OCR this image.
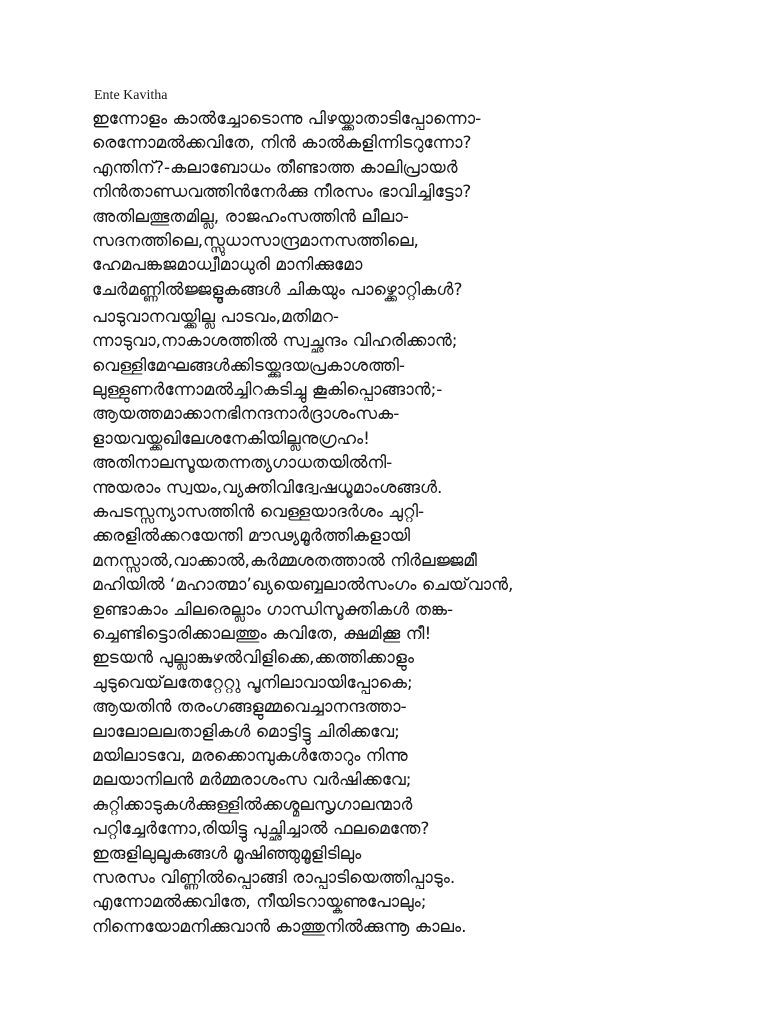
Ente Kavitha
ഇന്നോളം കാൽച്ചോടൊന്നു പിഴയ്ക്കാതാടിപ്പോന്നൊ-
രെന്നോമൽക്കവിതേ, നിൻ കാൽകളിന്നിടറുന്നോ?
എന്തിന്?-കലാബോധം തീണ്ടാത്ത കാലിപ്രായർ
നിൻതാണ്ഡവത്തിൻനേർക്കു നീരസം ഭാവിച്ചിട്ടോ?
അതിലത്ഭുതമില്ല, രാജഹംസത്തിൻ ലീലാ-
സദനത്തിലെ,സ്സുധാസാന്ദ്രമാനസത്തിലെ,
ഹേമപങ്കജമാധ്വീമാധുരി മാനിക്കുമോ
ചേർമണ്ണിൽജ്ജളൂകങ്ങൾ ചികയും പാഴ്ക്കൊറ്റികൾ?
പാടുവാനവയ്ക്കില്ല പാടവം,മതിമറ-
ന്നാടുവാ,നാകാശത്തിൽ സ്വച്ഛന്ദം വിഹരിക്കാൻ;
വെള്ളിമേഘങ്ങൾക്കിടയ്ക്കുദയപ്രകാശത്തി-
ലുള്ളുണർന്നോമൽച്ചിറകടിച്ചു കൂകിപ്പൊങ്ങാൻ;-
ആയത്തമാക്കാനഭിനന്ദനാർദ്രാശംസക-
ളായവയ്ക്കഖിലേശനേകിയില്ലനുഗ്രഹം!
അതിനാലസൂയതന്നത്യഗാധതയിൽനി-
ന്നുയരാം സ്വയം,വ്യക്തിവിദ്വേഷധൂമാംശങ്ങൾ.
കപടസ്സന്യാസത്തിൻ വെള്ളയാദർശം ചുറ്റി-
ക്കരളിൽക്കറയേന്തി മൗഢ്യമൂർത്തികളായി
മനസ്സാൽ,വാക്കാൽ,കർമ്മശതത്താൽ നിർലജ്ജമീ
മഹിയിൽ ‘മഹാത്മാ’ഖ്യയെബ്ബലാൽസംഗം ചെയ്‌വാൻ,
ഉണ്ടാകാം ചിലരെല്ലാം ഗാന്ധിസൂക്തികൾ തങ്ക-
ച്ചെണ്ടിട്ടൊരിക്കാലത്തും കവിതേ, ക്ഷമിക്കൂ നീ!
ഇടയൻ പുല്ലാങ്കുഴൽവിളിക്കെ,ക്കത്തിക്കാളും
ചുടുവെയ്‌ലതേറ്റേറ്റു പൂനിലാവായിപ്പോകെ;
ആയതിൻ തരംഗങ്ങളുമ്മവെച്ചാനന്ദത്താ-
ലാലോലലതാളികൾ മൊട്ടിട്ടു ചിരിക്കവേ;
മയിലാടവേ, മരക്കൊമ്പുകൾതോറും നിന്നു
മലയാനിലൻ മർമ്മരാശംസ വർഷിക്കവേ;
കുറ്റിക്കാടുകൾക്കുള്ളിൽക്കശ്മലസൃഗാലന്മാർ
പറ്റിച്ചേർന്നോ,രിയിട്ടു പുച്ഛിച്ചാൽ ഫലമെന്തേ?
ഇരുളിലുലൂകങ്ങൾ മൂഷിഞ്ഞുമൂളിടിലും
സരസം വിണ്ണിൽപ്പൊങ്ങി രാപ്പാടിയെത്തിപ്പാടും.
എന്നോമൽക്കവിതേ, നീയിടറായ്കണുപോലും;
നിന്നെയോമനിക്കുവാൻ കാത്തുനിൽക്കുന്നൂ കാലം.
